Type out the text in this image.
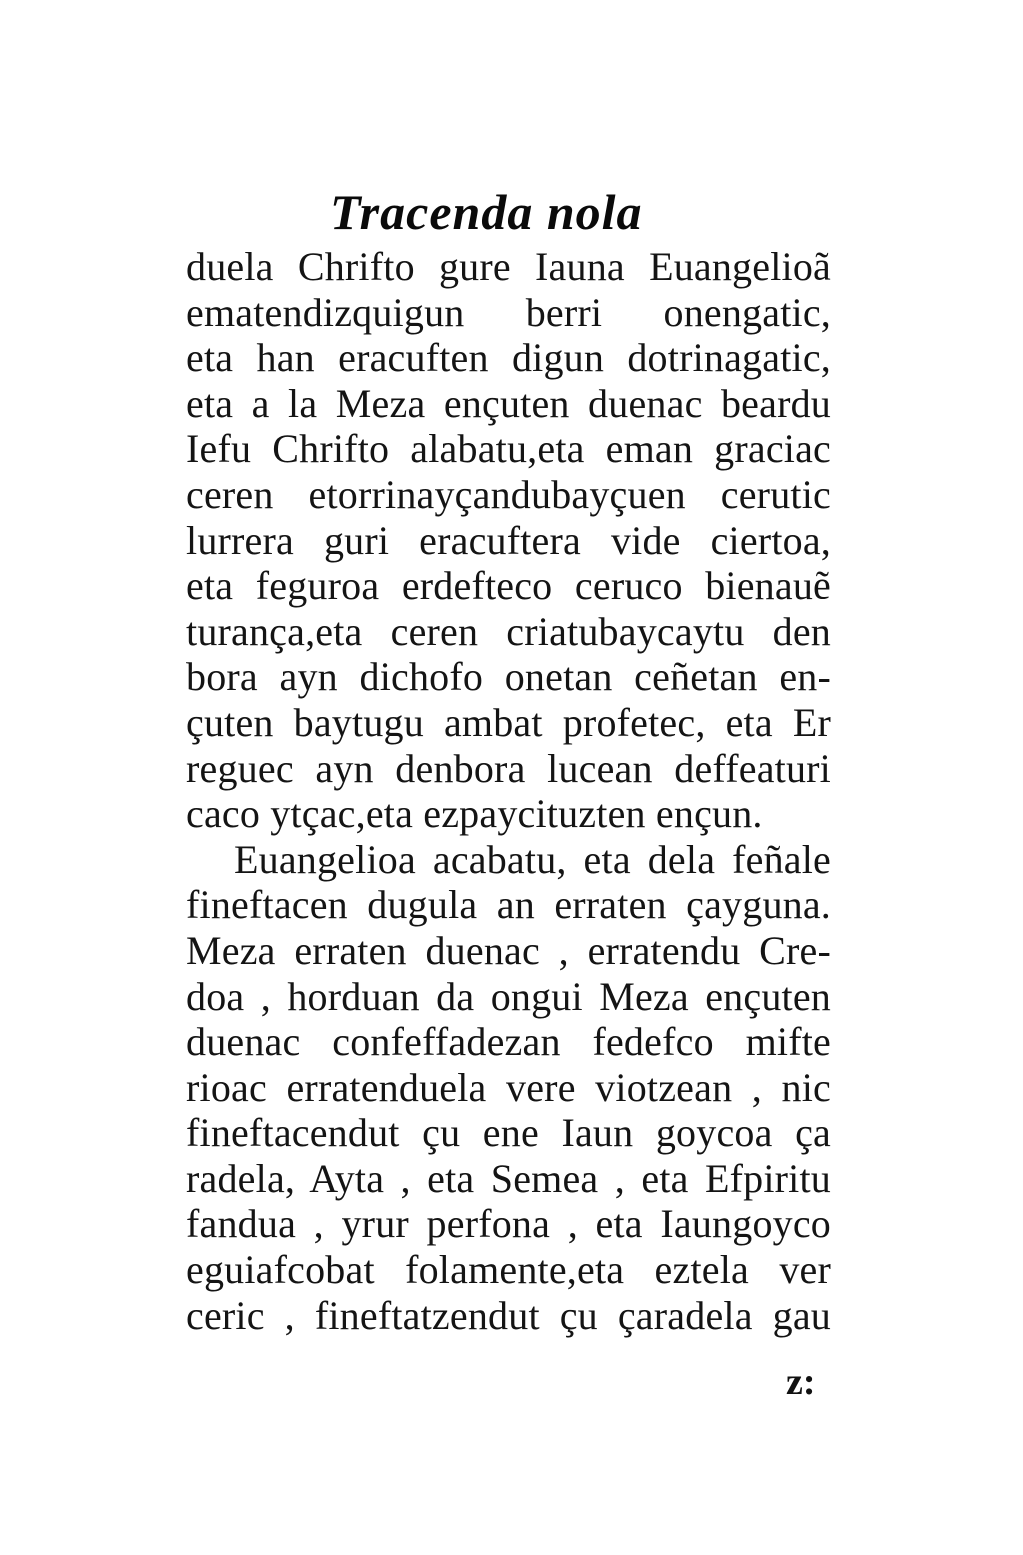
Tracenda nola
duela Chrifto gure Iauna Euangelioã
ematendizquigun berri onengatic,
eta han eracuften digun dotrinagatic,
eta a la Meza ençuten duenac beardu
Iefu Chrifto alabatu,eta eman graciac
ceren etorrinayçandubayçuen cerutic
lurrera guri eracuftera vide ciertoa,
eta feguroa erdefteco ceruco bienauẽ
turança,eta ceren criatubaycaytu den
bora ayn dichofo onetan ceñetan en-
çuten baytugu ambat profetec, eta Er
reguec ayn denbora lucean deffeaturi
caco ytçac,eta ezpaycituzten ençun.
Euangelioa acabatu, eta dela feñale
fineftacen dugula an erraten çayguna.
Meza erraten duenac , erratendu Cre-
doa , horduan da ongui Meza ençuten
duenac confeffadezan fedefco mifte
rioac erratenduela vere viotzean , nic
fineftacendut çu ene Iaun goycoa ça
radela, Ayta , eta Semea , eta Efpiritu
fandua , yrur perfona , eta Iaungoyco
eguiafcobat folamente,eta eztela ver
ceric , fineftatzendut çu çaradela gau
z:
